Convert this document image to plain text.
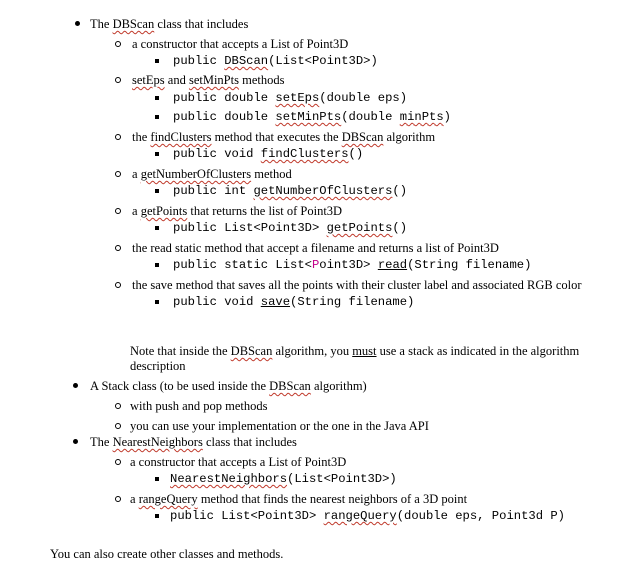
The DBScan class that includes
a constructor that accepts a List of Point3D
public DBScan(List<Point3D>)
setEps and setMinPts methods
public double setEps(double eps)
public double setMinPts(double minPts)
the findClusters method that executes the DBScan algorithm
public void findClusters()
a getNumberOfClusters method
public int getNumberOfClusters()
a getPoints that returns the list of Point3D
public List<Point3D> getPoints()
the read static method that accept a filename and returns a list of Point3D
public static List<Point3D> read(String filename)
the save method that saves all the points with their cluster label and associated RGB color
public void save(String filename)
Note that inside the DBScan algorithm, you must use a stack as indicated in the algorithm
description
A Stack class (to be used inside the DBScan algorithm)
with push and pop methods
you can use your implementation or the one in the Java API
The NearestNeighbors class that includes
a constructor that accepts a List of Point3D
NearestNeighbors(List<Point3D>)
a rangeQuery method that finds the nearest neighbors of a 3D point
public List<Point3D> rangeQuery(double eps, Point3d P)
You can also create other classes and methods.
